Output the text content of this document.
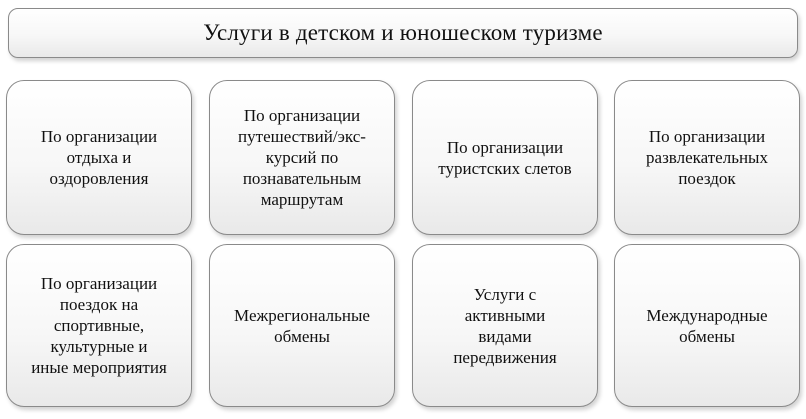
Услуги в детском и юношеском туризме
По организации
отдыха и
оздоровления
По организации
путешествий/экс-
курсий по
познавательным
маршрутам
По организации
туристских слетов
По организации
развлекательных
поездок
По организации
поездок на
спортивные,
культурные и
иные мероприятия
Межрегиональные
обмены
Услуги с
активными
видами
передвижения
Международные
обмены
